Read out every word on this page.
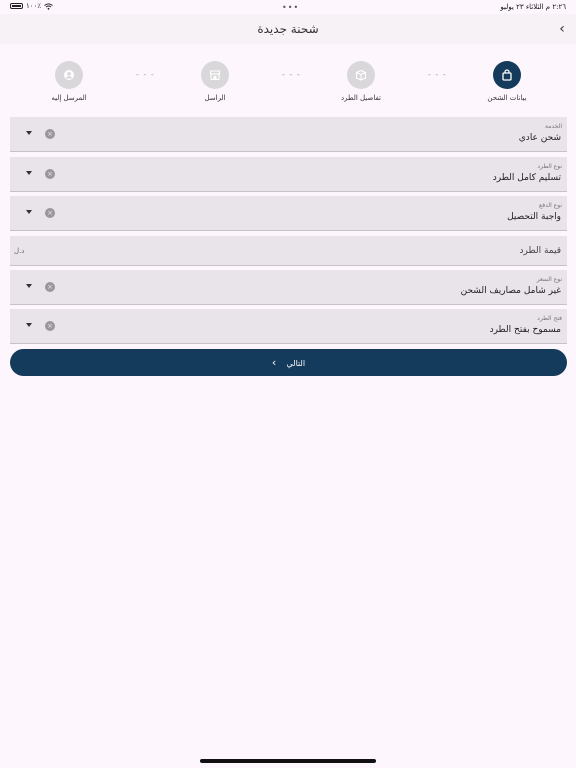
١٠٠٪	•••	٢:٢٦ م الثلاثاء ٢٣ يوليو
شحنة جديدة	‹
بيانات الشحن
- - -
تفاصيل الطرد
- - -
الراسل
- - -
المرسل إليه
الخدمة
شحن عادي
×
نوع الطرد
تسليم كامل الطرد
×
نوع الدفع
واجبة التحصيل
×
قيمة الطرد
د.ل
نوع السعر
غير شامل مصاريف الشحن
×
فتح الطرد
مسموح بفتح الطرد
×
التالي    ›
